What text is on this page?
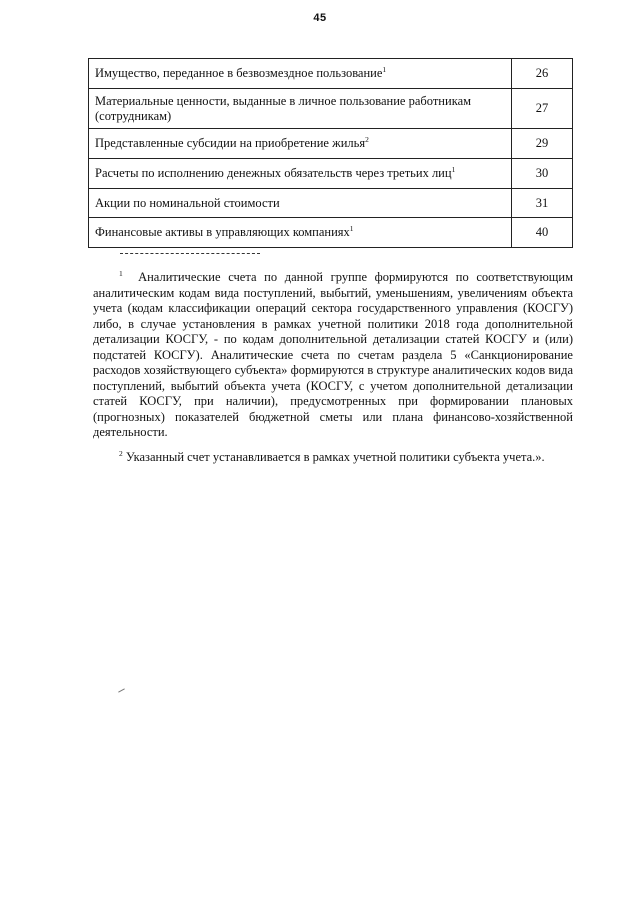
45
Имущество, переданное в безвозмездное пользование$^1$	26
Материальные ценности, выданные в личное пользование работникам (сотрудникам)	27
Представленные субсидии на приобретение жилья$^2$	29
Расчеты по исполнению денежных обязательств через третьих лиц$^1$	30
Акции по номинальной стоимости	31
Финансовые активы в управляющих компаниях$^1$	40

$^1$ Аналитические счета по данной группе формируются по соответствующим аналитическим кодам вида поступлений, выбытий, уменьшениям, увеличениям объекта учета (кодам классификации операций сектора государственного управления (КОСГУ) либо, в случае установления в рамках учетной политики 2018 года дополнительной детализации КОСГУ, - по кодам дополнительной детализации статей КОСГУ и (или) подстатей КОСГУ). Аналитические счета по счетам раздела 5 «Санкционирование расходов хозяйствующего субъекта» формируются в структуре аналитических кодов вида поступлений, выбытий объекта учета (КОСГУ, с учетом дополнительной детализации статей КОСГУ, при наличии), предусмотренных при формировании плановых (прогнозных) показателей бюджетной сметы или плана финансово-хозяйственной деятельности.

$^2$ Указанный счет устанавливается в рамках учетной политики субъекта учета.».
